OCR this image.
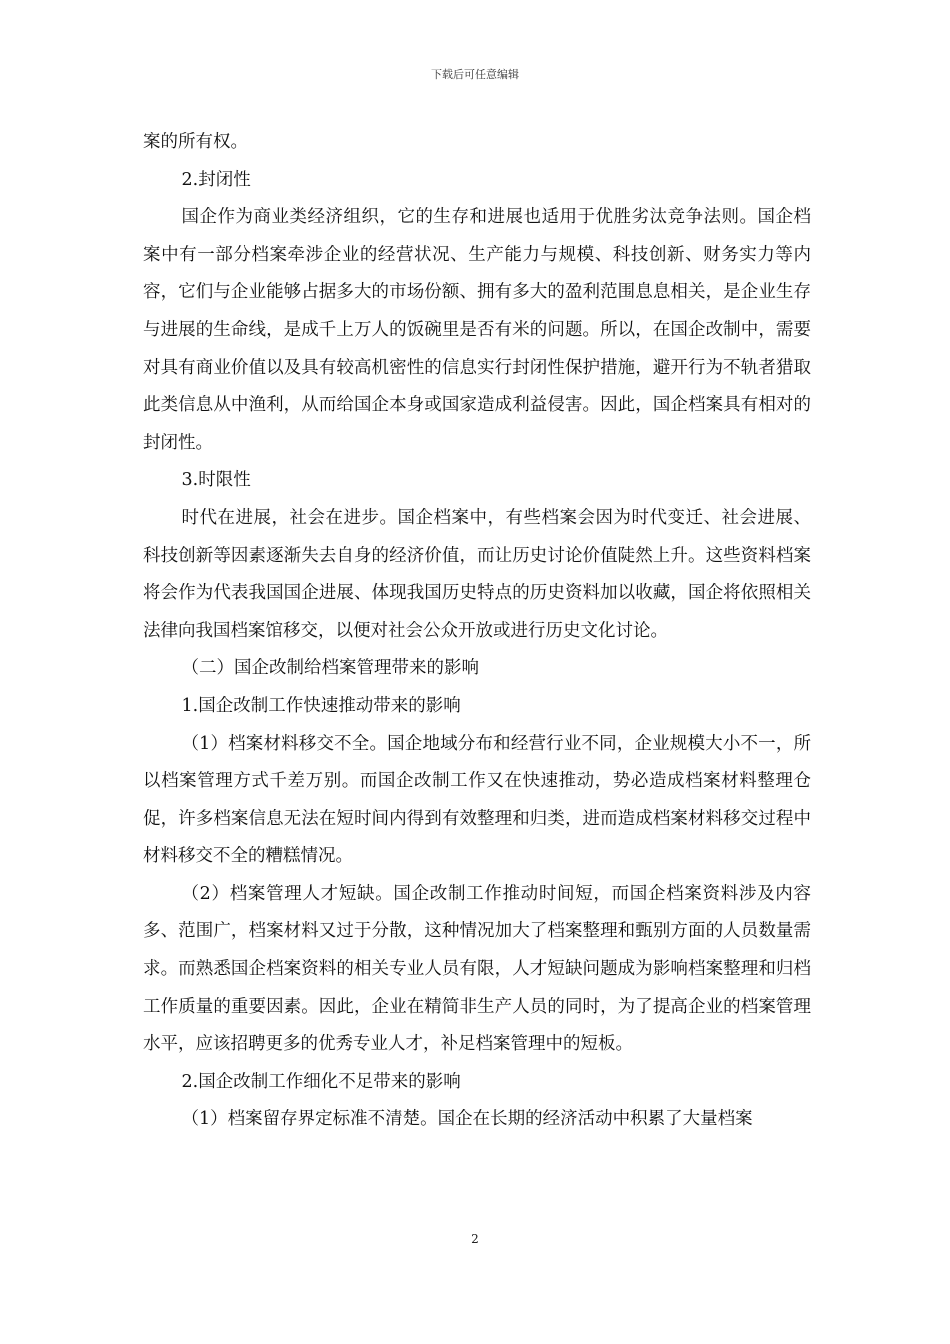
下载后可任意编辑

案的所有权。

2.封闭性

国企作为商业类经济组织，它的生存和进展也适用于优胜劣汰竞争法则。国企档案中有一部分档案牵涉企业的经营状况、生产能力与规模、科技创新、财务实力等内容，它们与企业能够占据多大的市场份额、拥有多大的盈利范围息息相关，是企业生存与进展的生命线，是成千上万人的饭碗里是否有米的问题。所以，在国企改制中，需要对具有商业价值以及具有较高机密性的信息实行封闭性保护措施，避开行为不轨者猎取此类信息从中渔利，从而给国企本身或国家造成利益侵害。因此，国企档案具有相对的封闭性。

3.时限性

时代在进展，社会在进步。国企档案中，有些档案会因为时代变迁、社会进展、科技创新等因素逐渐失去自身的经济价值，而让历史讨论价值陡然上升。这些资料档案将会作为代表我国国企进展、体现我国历史特点的历史资料加以收藏，国企将依照相关法律向我国档案馆移交，以便对社会公众开放或进行历史文化讨论。

（二）国企改制给档案管理带来的影响

1.国企改制工作快速推动带来的影响

（1）档案材料移交不全。国企地域分布和经营行业不同，企业规模大小不一，所以档案管理方式千差万别。而国企改制工作又在快速推动，势必造成档案材料整理仓促，许多档案信息无法在短时间内得到有效整理和归类，进而造成档案材料移交过程中材料移交不全的糟糕情况。

（2）档案管理人才短缺。国企改制工作推动时间短，而国企档案资料涉及内容多、范围广，档案材料又过于分散，这种情况加大了档案整理和甄别方面的人员数量需求。而熟悉国企档案资料的相关专业人员有限，人才短缺问题成为影响档案整理和归档工作质量的重要因素。因此，企业在精简非生产人员的同时，为了提高企业的档案管理水平，应该招聘更多的优秀专业人才，补足档案管理中的短板。

2.国企改制工作细化不足带来的影响

（1）档案留存界定标准不清楚。国企在长期的经济活动中积累了大量档案

2
